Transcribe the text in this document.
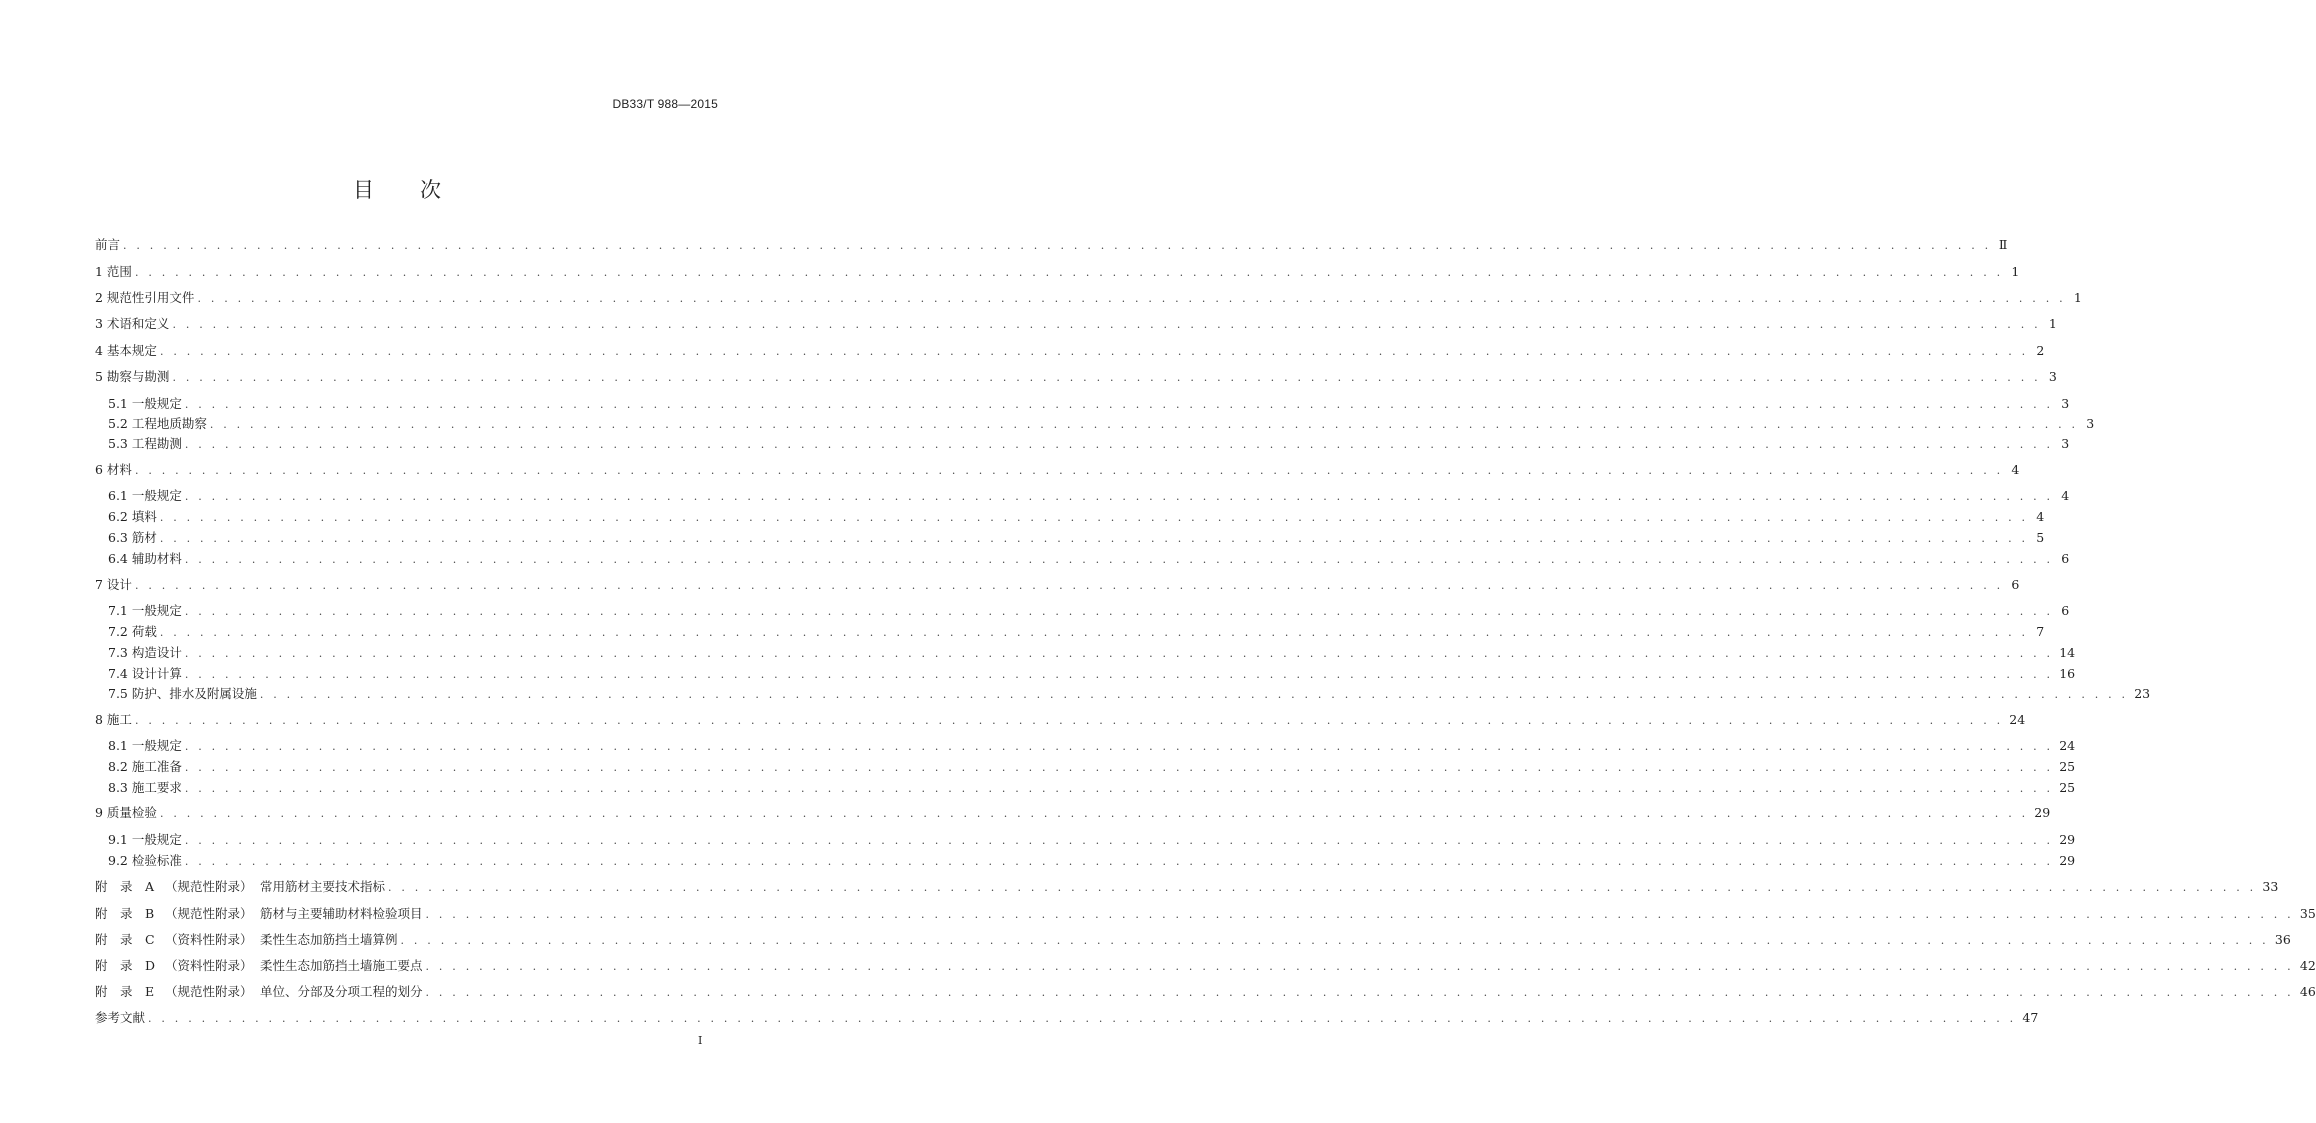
DB33/T 988—2015
目 次
前言 . . . . . . . . . . . . . . . . . . . . . . . . . . . . . . . . . . . . . . . . . . . . . . . . . . . . . . . . . . . . . . . . . . . . . . . . . . . . . . . . . . . . . . . . . . . . . . . . . . . . . . . . . . . . . . . . . . . . . . . . . . . . . . . . . . . . . . . . . . . . Ⅱ
1 范围 . . . . . . . . . . . . . . . . . . . . . . . . . . . . . . . . . . . . . . . . . . . . . . . . . . . . . . . . . . . . . . . . . . . . . . . . . . . . . . . . . . . . . . . . . . . . . . . . . . . . . . . . . . . . . . . . . . . . . . . . . . . . . . . . . . . . . . . . . . . . 1
2 规范性引用文件 . . . . . . . . . . . . . . . . . . . . . . . . . . . . . . . . . . . . . . . . . . . . . . . . . . . . . . . . . . . . . . . . . . . . . . . . . . . . . . . . . . . . . . . . . . . . . . . . . . . . . . . . . . . . . . . . . . . . . . . . . . . . . . . . . . . . . . . . . . . . 1
3 术语和定义 . . . . . . . . . . . . . . . . . . . . . . . . . . . . . . . . . . . . . . . . . . . . . . . . . . . . . . . . . . . . . . . . . . . . . . . . . . . . . . . . . . . . . . . . . . . . . . . . . . . . . . . . . . . . . . . . . . . . . . . . . . . . . . . . . . . . . . . . . . . . 1
4 基本规定 . . . . . . . . . . . . . . . . . . . . . . . . . . . . . . . . . . . . . . . . . . . . . . . . . . . . . . . . . . . . . . . . . . . . . . . . . . . . . . . . . . . . . . . . . . . . . . . . . . . . . . . . . . . . . . . . . . . . . . . . . . . . . . . . . . . . . . . . . . . . 2
5 勘察与勘测 . . . . . . . . . . . . . . . . . . . . . . . . . . . . . . . . . . . . . . . . . . . . . . . . . . . . . . . . . . . . . . . . . . . . . . . . . . . . . . . . . . . . . . . . . . . . . . . . . . . . . . . . . . . . . . . . . . . . . . . . . . . . . . . . . . . . . . . . . . . . 3
5.1 一般规定 . . . . . . . . . . . . . . . . . . . . . . . . . . . . . . . . . . . . . . . . . . . . . . . . . . . . . . . . . . . . . . . . . . . . . . . . . . . . . . . . . . . . . . . . . . . . . . . . . . . . . . . . . . . . . . . . . . . . . . . . . . . . . . . . . . . . . . . . . . . . 3
5.2 工程地质勘察 . . . . . . . . . . . . . . . . . . . . . . . . . . . . . . . . . . . . . . . . . . . . . . . . . . . . . . . . . . . . . . . . . . . . . . . . . . . . . . . . . . . . . . . . . . . . . . . . . . . . . . . . . . . . . . . . . . . . . . . . . . . . . . . . . . . . . . . . . . . . 3
5.3 工程勘测 . . . . . . . . . . . . . . . . . . . . . . . . . . . . . . . . . . . . . . . . . . . . . . . . . . . . . . . . . . . . . . . . . . . . . . . . . . . . . . . . . . . . . . . . . . . . . . . . . . . . . . . . . . . . . . . . . . . . . . . . . . . . . . . . . . . . . . . . . . . . 3
6 材料 . . . . . . . . . . . . . . . . . . . . . . . . . . . . . . . . . . . . . . . . . . . . . . . . . . . . . . . . . . . . . . . . . . . . . . . . . . . . . . . . . . . . . . . . . . . . . . . . . . . . . . . . . . . . . . . . . . . . . . . . . . . . . . . . . . . . . . . . . . . . 4
6.1 一般规定 . . . . . . . . . . . . . . . . . . . . . . . . . . . . . . . . . . . . . . . . . . . . . . . . . . . . . . . . . . . . . . . . . . . . . . . . . . . . . . . . . . . . . . . . . . . . . . . . . . . . . . . . . . . . . . . . . . . . . . . . . . . . . . . . . . . . . . . . . . . . 4
6.2 填料 . . . . . . . . . . . . . . . . . . . . . . . . . . . . . . . . . . . . . . . . . . . . . . . . . . . . . . . . . . . . . . . . . . . . . . . . . . . . . . . . . . . . . . . . . . . . . . . . . . . . . . . . . . . . . . . . . . . . . . . . . . . . . . . . . . . . . . . . . . . . 4
6.3 筋材 . . . . . . . . . . . . . . . . . . . . . . . . . . . . . . . . . . . . . . . . . . . . . . . . . . . . . . . . . . . . . . . . . . . . . . . . . . . . . . . . . . . . . . . . . . . . . . . . . . . . . . . . . . . . . . . . . . . . . . . . . . . . . . . . . . . . . . . . . . . . 5
6.4 辅助材料 . . . . . . . . . . . . . . . . . . . . . . . . . . . . . . . . . . . . . . . . . . . . . . . . . . . . . . . . . . . . . . . . . . . . . . . . . . . . . . . . . . . . . . . . . . . . . . . . . . . . . . . . . . . . . . . . . . . . . . . . . . . . . . . . . . . . . . . . . . . . 6
7 设计 . . . . . . . . . . . . . . . . . . . . . . . . . . . . . . . . . . . . . . . . . . . . . . . . . . . . . . . . . . . . . . . . . . . . . . . . . . . . . . . . . . . . . . . . . . . . . . . . . . . . . . . . . . . . . . . . . . . . . . . . . . . . . . . . . . . . . . . . . . . . 6
7.1 一般规定 . . . . . . . . . . . . . . . . . . . . . . . . . . . . . . . . . . . . . . . . . . . . . . . . . . . . . . . . . . . . . . . . . . . . . . . . . . . . . . . . . . . . . . . . . . . . . . . . . . . . . . . . . . . . . . . . . . . . . . . . . . . . . . . . . . . . . . . . . . . . 6
7.2 荷载 . . . . . . . . . . . . . . . . . . . . . . . . . . . . . . . . . . . . . . . . . . . . . . . . . . . . . . . . . . . . . . . . . . . . . . . . . . . . . . . . . . . . . . . . . . . . . . . . . . . . . . . . . . . . . . . . . . . . . . . . . . . . . . . . . . . . . . . . . . . . 7
7.3 构造设计 . . . . . . . . . . . . . . . . . . . . . . . . . . . . . . . . . . . . . . . . . . . . . . . . . . . . . . . . . . . . . . . . . . . . . . . . . . . . . . . . . . . . . . . . . . . . . . . . . . . . . . . . . . . . . . . . . . . . . . . . . . . . . . . . . . . . . . . . . . . . 14
7.4 设计计算 . . . . . . . . . . . . . . . . . . . . . . . . . . . . . . . . . . . . . . . . . . . . . . . . . . . . . . . . . . . . . . . . . . . . . . . . . . . . . . . . . . . . . . . . . . . . . . . . . . . . . . . . . . . . . . . . . . . . . . . . . . . . . . . . . . . . . . . . . . . . 16
7.5 防护、排水及附属设施 . . . . . . . . . . . . . . . . . . . . . . . . . . . . . . . . . . . . . . . . . . . . . . . . . . . . . . . . . . . . . . . . . . . . . . . . . . . . . . . . . . . . . . . . . . . . . . . . . . . . . . . . . . . . . . . . . . . . . . . . . . . . . . . . . . . . . . . . . . . . 23
8 施工 . . . . . . . . . . . . . . . . . . . . . . . . . . . . . . . . . . . . . . . . . . . . . . . . . . . . . . . . . . . . . . . . . . . . . . . . . . . . . . . . . . . . . . . . . . . . . . . . . . . . . . . . . . . . . . . . . . . . . . . . . . . . . . . . . . . . . . . . . . . . 24
8.1 一般规定 . . . . . . . . . . . . . . . . . . . . . . . . . . . . . . . . . . . . . . . . . . . . . . . . . . . . . . . . . . . . . . . . . . . . . . . . . . . . . . . . . . . . . . . . . . . . . . . . . . . . . . . . . . . . . . . . . . . . . . . . . . . . . . . . . . . . . . . . . . . . 24
8.2 施工准备 . . . . . . . . . . . . . . . . . . . . . . . . . . . . . . . . . . . . . . . . . . . . . . . . . . . . . . . . . . . . . . . . . . . . . . . . . . . . . . . . . . . . . . . . . . . . . . . . . . . . . . . . . . . . . . . . . . . . . . . . . . . . . . . . . . . . . . . . . . . . 25
8.3 施工要求 . . . . . . . . . . . . . . . . . . . . . . . . . . . . . . . . . . . . . . . . . . . . . . . . . . . . . . . . . . . . . . . . . . . . . . . . . . . . . . . . . . . . . . . . . . . . . . . . . . . . . . . . . . . . . . . . . . . . . . . . . . . . . . . . . . . . . . . . . . . . 25
9 质量检验 . . . . . . . . . . . . . . . . . . . . . . . . . . . . . . . . . . . . . . . . . . . . . . . . . . . . . . . . . . . . . . . . . . . . . . . . . . . . . . . . . . . . . . . . . . . . . . . . . . . . . . . . . . . . . . . . . . . . . . . . . . . . . . . . . . . . . . . . . . . . 29
9.1 一般规定 . . . . . . . . . . . . . . . . . . . . . . . . . . . . . . . . . . . . . . . . . . . . . . . . . . . . . . . . . . . . . . . . . . . . . . . . . . . . . . . . . . . . . . . . . . . . . . . . . . . . . . . . . . . . . . . . . . . . . . . . . . . . . . . . . . . . . . . . . . . . 29
9.2 检验标准 . . . . . . . . . . . . . . . . . . . . . . . . . . . . . . . . . . . . . . . . . . . . . . . . . . . . . . . . . . . . . . . . . . . . . . . . . . . . . . . . . . . . . . . . . . . . . . . . . . . . . . . . . . . . . . . . . . . . . . . . . . . . . . . . . . . . . . . . . . . . 29
附 录 A （规范性附录） 常用筋材主要技术指标 . . . . . . . . . . . . . . . . . . . . . . . . . . . . . . . . . . . . . . . . . . . . . . . . . . . . . . . . . . . . . . . . . . . . . . . . . . . . . . . . . . . . . . . . . . . . . . . . . . . . . . . . . . . . . . . . . . . . . . . . . . . . . . . . . . . . . . . . . . . . 33
附 录 B （规范性附录） 筋材与主要辅助材料检验项目 . . . . . . . . . . . . . . . . . . . . . . . . . . . . . . . . . . . . . . . . . . . . . . . . . . . . . . . . . . . . . . . . . . . . . . . . . . . . . . . . . . . . . . . . . . . . . . . . . . . . . . . . . . . . . . . . . . . . . . . . . . . . . . . . . . . . . . . . . . . . 35
附 录 C （资料性附录） 柔性生态加筋挡土墙算例 . . . . . . . . . . . . . . . . . . . . . . . . . . . . . . . . . . . . . . . . . . . . . . . . . . . . . . . . . . . . . . . . . . . . . . . . . . . . . . . . . . . . . . . . . . . . . . . . . . . . . . . . . . . . . . . . . . . . . . . . . . . . . . . . . . . . . . . . . . . . 36
附 录 D （资料性附录） 柔性生态加筋挡土墙施工要点 . . . . . . . . . . . . . . . . . . . . . . . . . . . . . . . . . . . . . . . . . . . . . . . . . . . . . . . . . . . . . . . . . . . . . . . . . . . . . . . . . . . . . . . . . . . . . . . . . . . . . . . . . . . . . . . . . . . . . . . . . . . . . . . . . . . . . . . . . . . . 42
附 录 E （规范性附录） 单位、分部及分项工程的划分 . . . . . . . . . . . . . . . . . . . . . . . . . . . . . . . . . . . . . . . . . . . . . . . . . . . . . . . . . . . . . . . . . . . . . . . . . . . . . . . . . . . . . . . . . . . . . . . . . . . . . . . . . . . . . . . . . . . . . . . . . . . . . . . . . . . . . . . . . . . . 46
参考文献 . . . . . . . . . . . . . . . . . . . . . . . . . . . . . . . . . . . . . . . . . . . . . . . . . . . . . . . . . . . . . . . . . . . . . . . . . . . . . . . . . . . . . . . . . . . . . . . . . . . . . . . . . . . . . . . . . . . . . . . . . . . . . . . . . . . . . . . . . . . . 47
I
